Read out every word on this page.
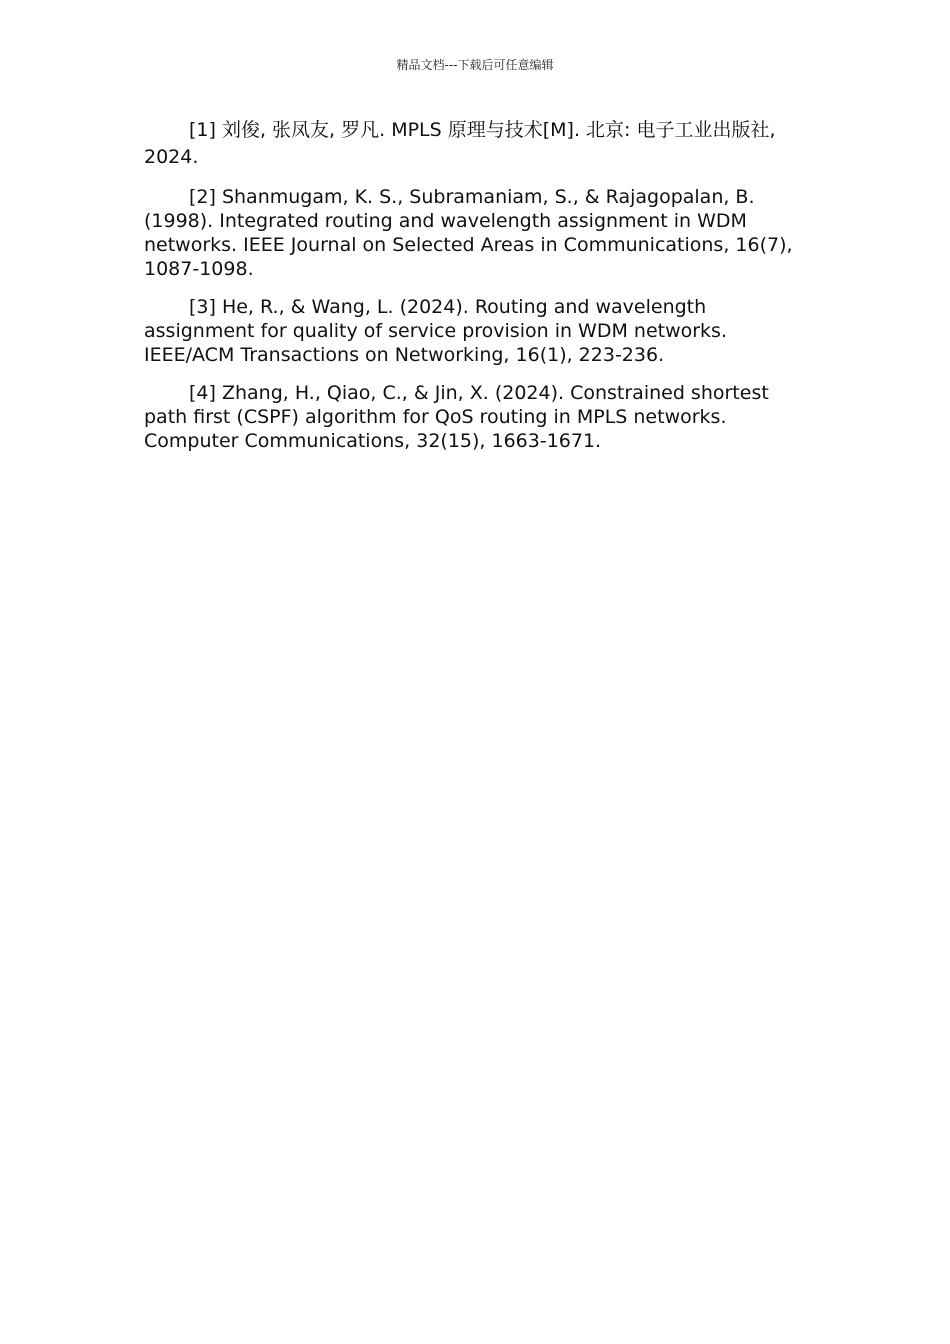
精品文档---下载后可任意编辑

[1] 刘俊, 张凤友, 罗凡. MPLS 原理与技术[M]. 北京: 电子工业出版社, 2024.

[2] Shanmugam, K. S., Subramaniam, S., & Rajagopalan, B. (1998). Integrated routing and wavelength assignment in WDM networks. IEEE Journal on Selected Areas in Communications, 16(7), 1087-1098.

[3] He, R., & Wang, L. (2024). Routing and wavelength assignment for quality of service provision in WDM networks. IEEE/ACM Transactions on Networking, 16(1), 223-236.

[4] Zhang, H., Qiao, C., & Jin, X. (2024). Constrained shortest path first (CSPF) algorithm for QoS routing in MPLS networks. Computer Communications, 32(15), 1663-1671.
